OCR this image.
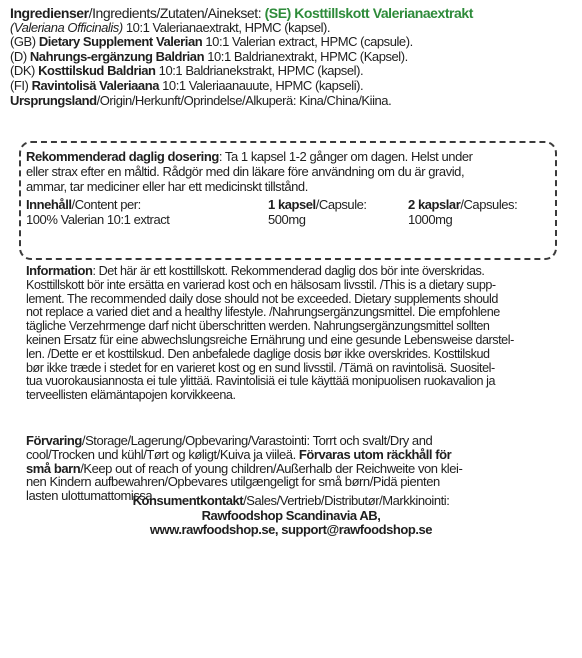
Ingredienser/Ingredients/Zutaten/Ainekset: (SE) Kosttillskott Valerianaextrakt
(Valeriana Officinalis) 10:1 Valerianaextrakt, HPMC (kapsel).
(GB) Dietary Supplement Valerian 10:1 Valerian extract, HPMC (capsule).
(D) Nahrungs-ergänzung Baldrian 10:1 Baldrianextrakt, HPMC (Kapsel).
(DK) Kosttilskud Baldrian 10:1 Baldrianekstrakt, HPMC (kapsel).
(FI) Ravintolisä Valeriaana 10:1 Valeriaanauute, HPMC (kapseli).
Ursprungsland/Origin/Herkunft/Oprindelse/Alkuperä: Kina/China/Kiina.
Rekommenderad daglig dosering: Ta 1 kapsel 1-2 gånger om dagen. Helst under
eller strax efter en måltid. Rådgör med din läkare före användning om du är gravid,
ammar, tar mediciner eller har ett medicinskt tillstånd.
Innehåll/Content per:	1 kapsel/Capsule:	2 kapslar/Capsules:
100% Valerian 10:1 extract	500mg	1000mg
Information: Det här är ett kosttillskott. Rekommenderad daglig dos bör inte överskridas.
Kosttillskott bör inte ersätta en varierad kost och en hälsosam livsstil. /This is a dietary supp-
lement. The recommended daily dose should not be exceeded. Dietary supplements should
not replace a varied diet and a healthy lifestyle. /Nahrungsergänzungsmittel. Die empfohlene
tägliche Verzehrmenge darf nicht überschritten werden. Nahrungsergänzungsmittel sollten
keinen Ersatz für eine abwechslungsreiche Ernährung und eine gesunde Lebensweise darstel-
len. /Dette er et kosttilskud. Den anbefalede daglige dosis bør ikke overskrides. Kosttilskud
bør ikke træde i stedet for en varieret kost og en sund livsstil. /Tämä on ravintolisä. Suositel-
tua vuorokausiannosta ei tule ylittää. Ravintolisiä ei tule käyttää monipuolisen ruokavalion ja
terveellisten elämäntapojen korvikkeena.
Förvaring/Storage/Lagerung/Opbevaring/Varastointi: Torrt och svalt/Dry and
cool/Trocken und kühl/Tørt og køligt/Kuiva ja viileä. Förvaras utom räckhåll för
små barn/Keep out of reach of young children/Außerhalb der Reichweite von klei-
nen Kindern aufbewahren/Opbevares utilgængeligt for små børn/Pidä pienten
lasten ulottumattomissa.
Konsumentkontakt/Sales/Vertrieb/Distributør/Markkinointi:
Rawfoodshop Scandinavia AB,
www.rawfoodshop.se, support@rawfoodshop.se
